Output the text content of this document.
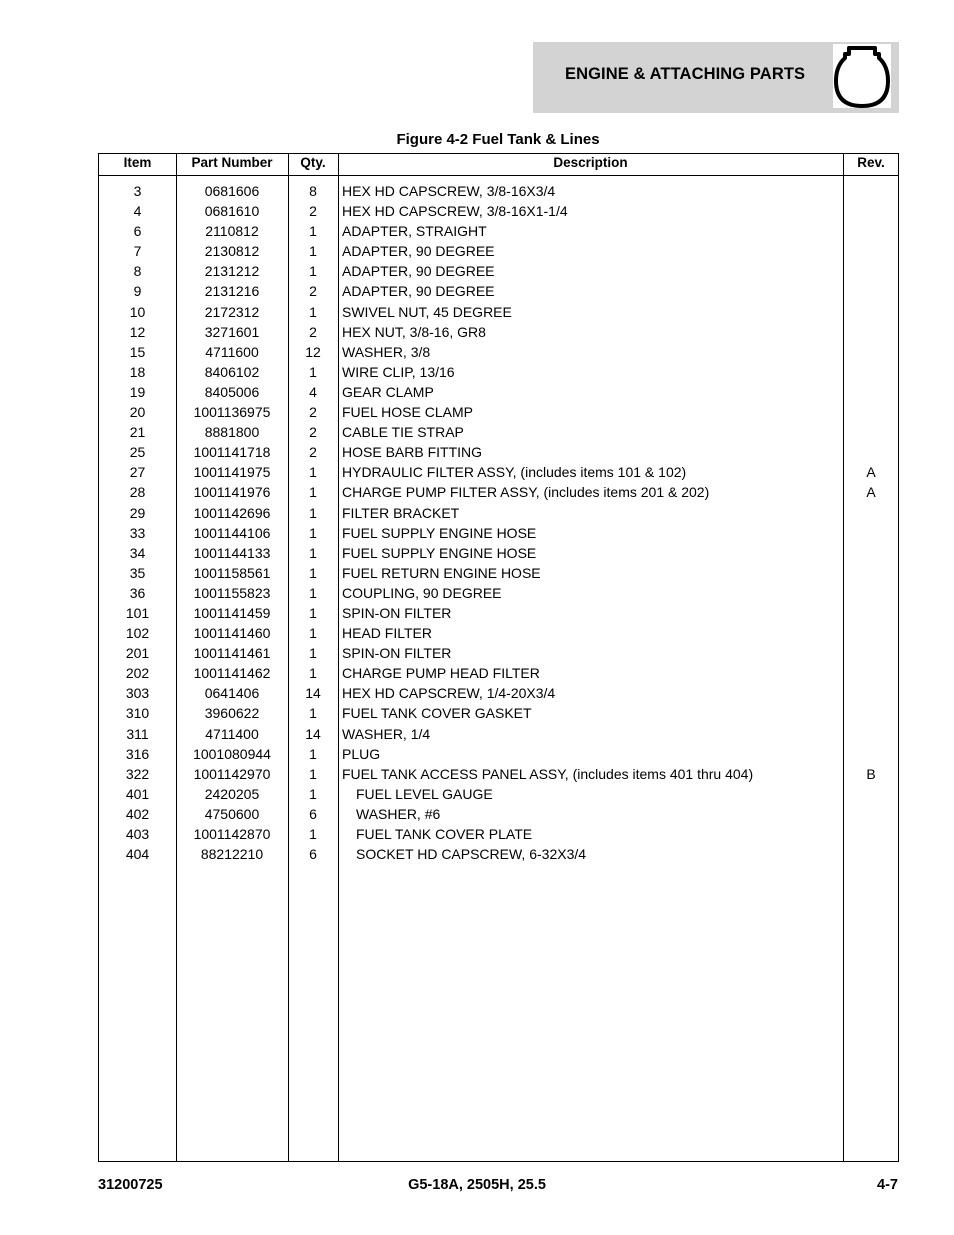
ENGINE & ATTACHING PARTS
Figure 4-2 Fuel Tank & Lines
Item	Part Number	Qty.	Description	Rev.
3	0681606	8	HEX HD CAPSCREW, 3/8-16X3/4
4	0681610	2	HEX HD CAPSCREW, 3/8-16X1-1/4
6	2110812	1	ADAPTER, STRAIGHT
7	2130812	1	ADAPTER, 90 DEGREE
8	2131212	1	ADAPTER, 90 DEGREE
9	2131216	2	ADAPTER, 90 DEGREE
10	2172312	1	SWIVEL NUT, 45 DEGREE
12	3271601	2	HEX NUT, 3/8-16, GR8
15	4711600	12	WASHER, 3/8
18	8406102	1	WIRE CLIP, 13/16
19	8405006	4	GEAR CLAMP
20	1001136975	2	FUEL HOSE CLAMP
21	8881800	2	CABLE TIE STRAP
25	1001141718	2	HOSE BARB FITTING
27	1001141975	1	HYDRAULIC FILTER ASSY, (includes items 101 & 102)	A
28	1001141976	1	CHARGE PUMP FILTER ASSY, (includes items 201 & 202)	A
29	1001142696	1	FILTER BRACKET
33	1001144106	1	FUEL SUPPLY ENGINE HOSE
34	1001144133	1	FUEL SUPPLY ENGINE HOSE
35	1001158561	1	FUEL RETURN ENGINE HOSE
36	1001155823	1	COUPLING, 90 DEGREE
101	1001141459	1	SPIN-ON FILTER
102	1001141460	1	HEAD FILTER
201	1001141461	1	SPIN-ON FILTER
202	1001141462	1	CHARGE PUMP HEAD FILTER
303	0641406	14	HEX HD CAPSCREW, 1/4-20X3/4
310	3960622	1	FUEL TANK COVER GASKET
311	4711400	14	WASHER, 1/4
316	1001080944	1	PLUG
322	1001142970	1	FUEL TANK ACCESS PANEL ASSY, (includes items 401 thru 404)	B
401	2420205	1	FUEL LEVEL GAUGE
402	4750600	6	WASHER, #6
403	1001142870	1	FUEL TANK COVER PLATE
404	88212210	6	SOCKET HD CAPSCREW, 6-32X3/4
31200725	G5-18A, 2505H, 25.5	4-7
